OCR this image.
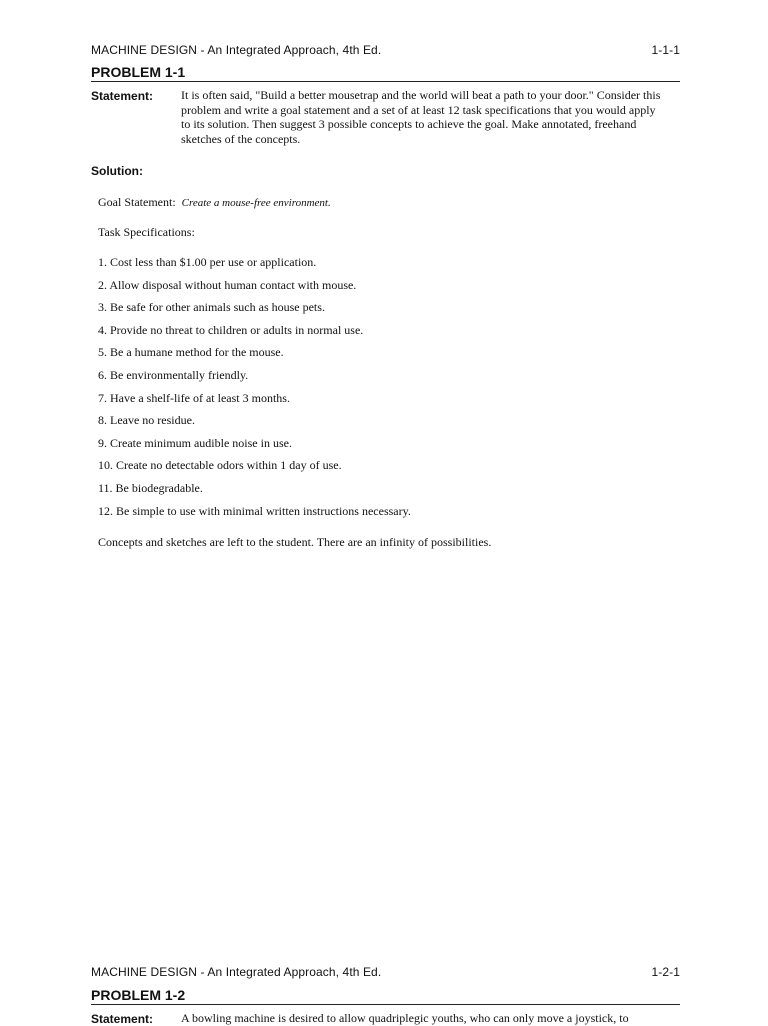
MACHINE DESIGN - An Integrated Approach, 4th Ed.	1-1-1
PROBLEM 1-1
Statement: It is often said, "Build a better mousetrap and the world will beat a path to your door." Consider this problem and write a goal statement and a set of at least 12 task specifications that you would apply to its solution. Then suggest 3 possible concepts to achieve the goal. Make annotated, freehand sketches of the concepts.
Solution:
Goal Statement: Create a mouse-free environment.
Task Specifications:
1. Cost less than $1.00 per use or application.
2. Allow disposal without human contact with mouse.
3. Be safe for other animals such as house pets.
4. Provide no threat to children or adults in normal use.
5. Be a humane method for the mouse.
6. Be environmentally friendly.
7. Have a shelf-life of at least 3 months.
8. Leave no residue.
9. Create minimum audible noise in use.
10. Create no detectable odors within 1 day of use.
11. Be biodegradable.
12. Be simple to use with minimal written instructions necessary.
Concepts and sketches are left to the student. There are an infinity of possibilities.
MACHINE DESIGN - An Integrated Approach, 4th Ed.	1-2-1
PROBLEM 1-2
Statement: A bowling machine is desired to allow quadriplegic youths, who can only move a joystick, to
